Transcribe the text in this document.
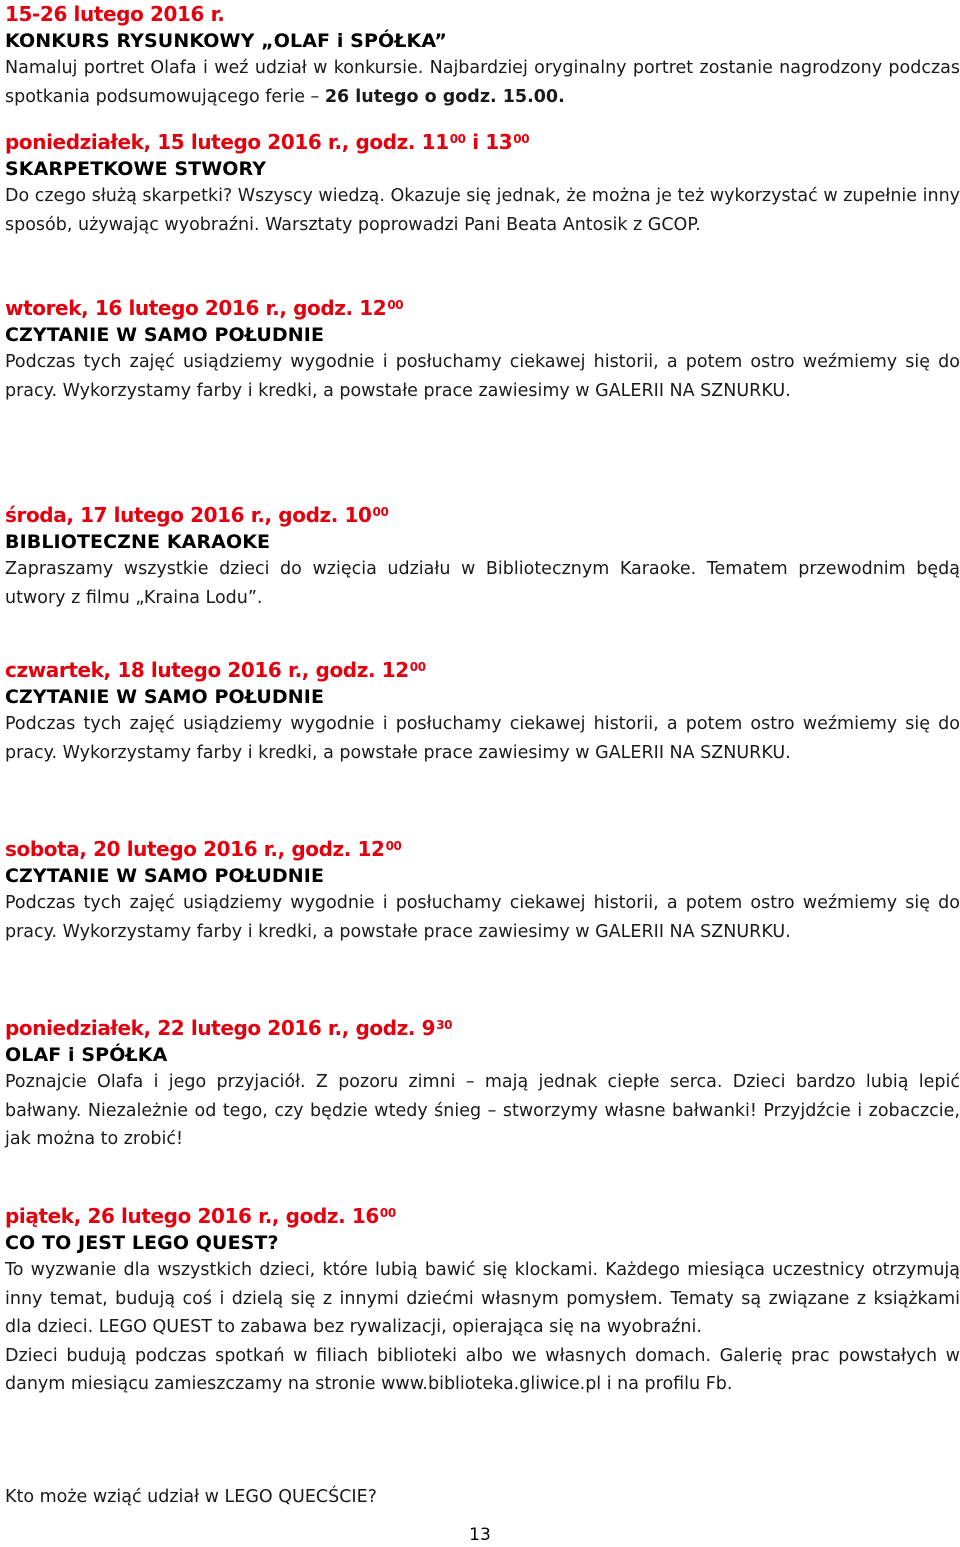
15-26 lutego 2016 r.
KONKURS RYSUNKOWY „OLAF i SPÓŁKA”
Namaluj portret Olafa i weź udział w konkursie. Najbardziej oryginalny portret zostanie nagrodzony podczas spotkania podsumowującego ferie – 26 lutego o godz. 15.00.
poniedziałek, 15 lutego 2016 r., godz. $11^{00}$ i $13^{00}$
SKARPETKOWE STWORY
Do czego służą skarpetki? Wszyscy wiedzą. Okazuje się jednak, że można je też wykorzystać w zupełnie inny sposób, używając wyobraźni. Warsztaty poprowadzi Pani Beata Antosik z GCOP.
wtorek, 16 lutego 2016 r., godz. $12^{00}$
CZYTANIE W SAMO POŁUDNIE
Podczas tych zajęć usiądziemy wygodnie i posłuchamy ciekawej historii, a potem ostro weźmiemy się do pracy. Wykorzystamy farby i kredki, a powstałe prace zawiesimy w GALERII NA SZNURKU.
środa, 17 lutego 2016 r., godz. $10^{00}$
BIBLIOTECZNE KARAOKE
Zapraszamy wszystkie dzieci do wzięcia udziału w Bibliotecznym Karaoke. Tematem przewodnim będą utwory z filmu „Kraina Lodu”.
czwartek, 18 lutego 2016 r., godz. $12^{00}$
CZYTANIE W SAMO POŁUDNIE
Podczas tych zajęć usiądziemy wygodnie i posłuchamy ciekawej historii, a potem ostro weźmiemy się do pracy. Wykorzystamy farby i kredki, a powstałe prace zawiesimy w GALERII NA SZNURKU.
sobota, 20 lutego 2016 r., godz. $12^{00}$
CZYTANIE W SAMO POŁUDNIE
Podczas tych zajęć usiądziemy wygodnie i posłuchamy ciekawej historii, a potem ostro weźmiemy się do pracy. Wykorzystamy farby i kredki, a powstałe prace zawiesimy w GALERII NA SZNURKU.
poniedziałek, 22 lutego 2016 r., godz. $9^{30}$
OLAF i SPÓŁKA
Poznajcie Olafa i jego przyjaciół. Z pozoru zimni – mają jednak ciepłe serca. Dzieci bardzo lubią lepić bałwany. Niezależnie od tego, czy będzie wtedy śnieg – stworzymy własne bałwanki! Przyjdźcie i zobaczcie, jak można to zrobić!
piątek, 26 lutego 2016 r., godz. $16^{00}$
CO TO JEST LEGO QUEST?
To wyzwanie dla wszystkich dzieci, które lubią bawić się klockami. Każdego miesiąca uczestnicy otrzymują inny temat, budują coś i dzielą się z innymi dziećmi własnym pomysłem. Tematy są związane z książkami dla dzieci. LEGO QUEST to zabawa bez rywalizacji, opierająca się na wyobraźni.
Dzieci budują podczas spotkań w filiach biblioteki albo we własnych domach. Galerię prac powstałych w danym miesiącu zamieszczamy na stronie www.biblioteka.gliwice.pl i na profilu Fb.
Kto może wziąć udział w LEGO QUECŚCIE?
13
